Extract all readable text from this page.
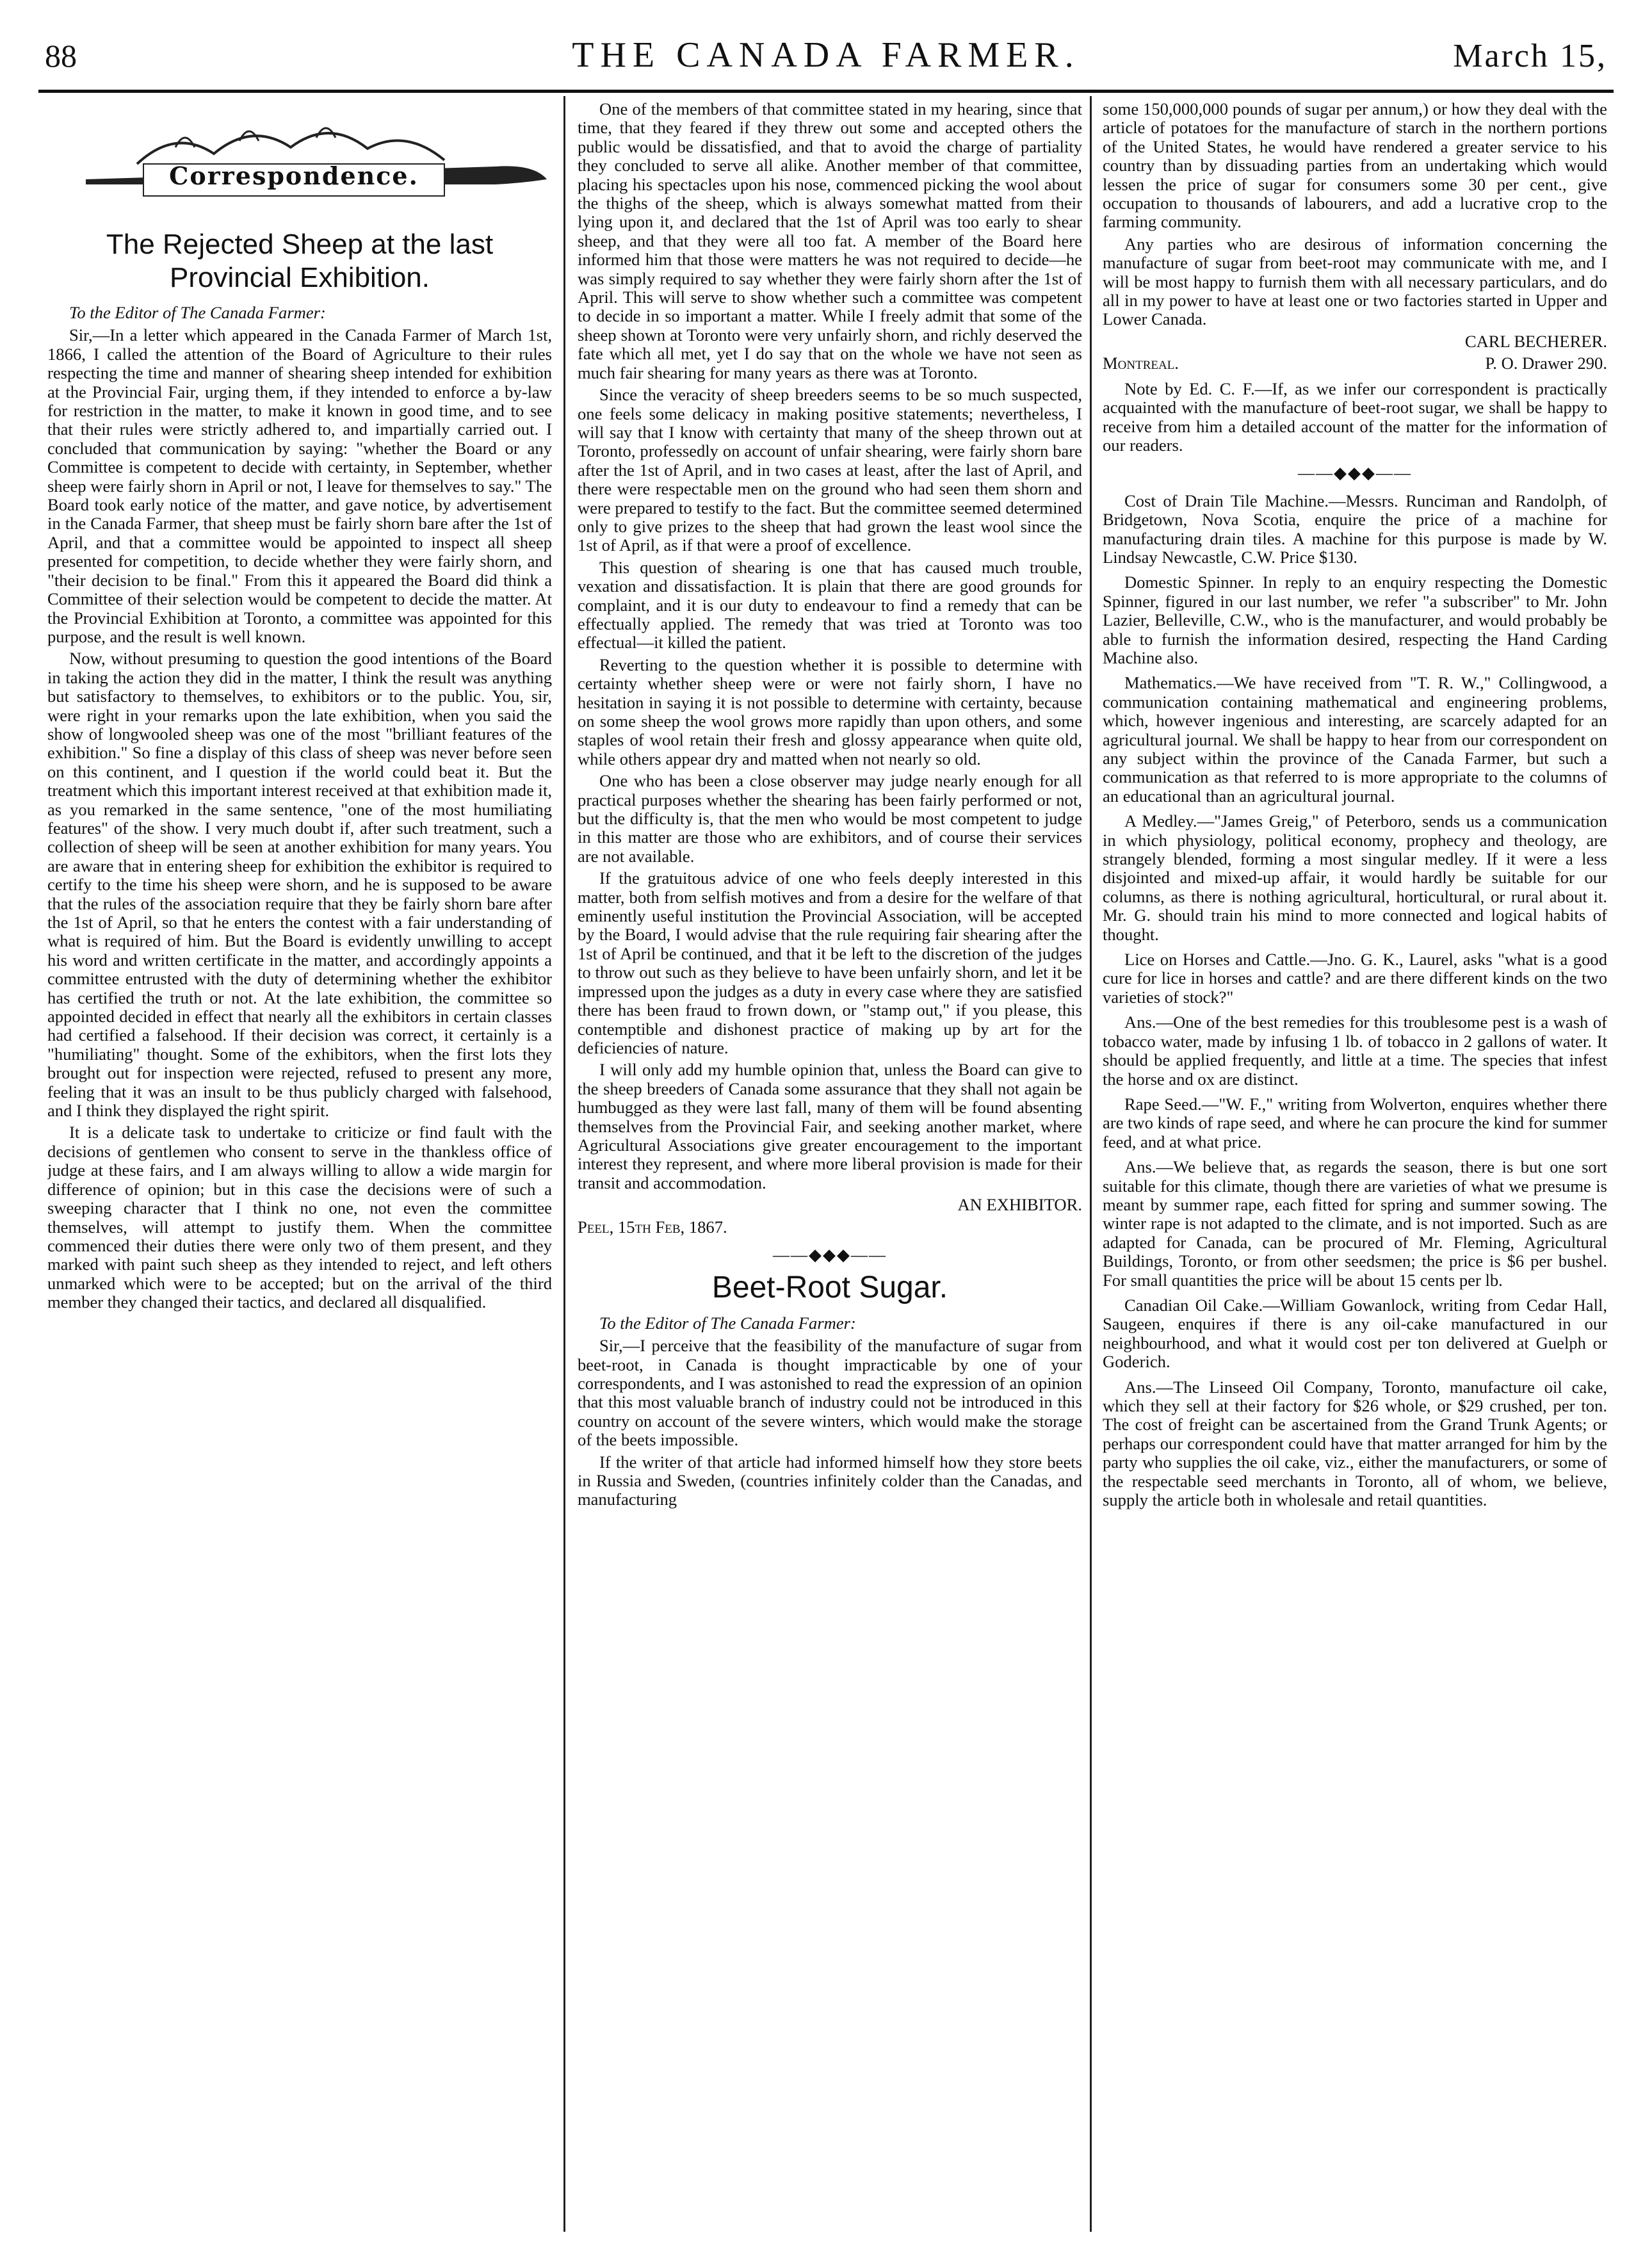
88	THE CANADA FARMER.	March 15,
Correspondence.
The Rejected Sheep at the last Provincial Exhibition.

To the Editor of The Canada Farmer:

Sir,—In a letter which appeared in the Canada Farmer of March 1st, 1866, I called the attention of the Board of Agriculture to their rules respecting the time and manner of shearing sheep intended for exhibition at the Provincial Fair, urging them, if they intended to enforce a by-law for restriction in the matter, to make it known in good time, and to see that their rules were strictly adhered to, and impartially carried out. I concluded that communication by saying: "whether the Board or any Committee is competent to decide with certainty, in September, whether sheep were fairly shorn in April or not, I leave for themselves to say." The Board took early notice of the matter, and gave notice, by advertisement in the Canada Farmer, that sheep must be fairly shorn bare after the 1st of April, and that a committee would be appointed to inspect all sheep presented for competition, to decide whether they were fairly shorn, and "their decision to be final." From this it appeared the Board did think a Committee of their selection would be competent to decide the matter. At the Provincial Exhibition at Toronto, a committee was appointed for this purpose, and the result is well known.

Now, without presuming to question the good intentions of the Board in taking the action they did in the matter, I think the result was anything but satisfactory to themselves, to exhibitors or to the public. You, sir, were right in your remarks upon the late exhibition, when you said the show of longwooled sheep was one of the most "brilliant features of the exhibition." So fine a display of this class of sheep was never before seen on this continent, and I question if the world could beat it. But the treatment which this important interest received at that exhibition made it, as you remarked in the same sentence, "one of the most humiliating features" of the show. I very much doubt if, after such treatment, such a collection of sheep will be seen at another exhibition for many years. You are aware that in entering sheep for exhibition the exhibitor is required to certify to the time his sheep were shorn, and he is supposed to be aware that the rules of the association require that they be fairly shorn bare after the 1st of April, so that he enters the contest with a fair understanding of what is required of him. But the Board is evidently unwilling to accept his word and written certificate in the matter, and accordingly appoints a committee entrusted with the duty of determining whether the exhibitor has certified the truth or not. At the late exhibition, the committee so appointed decided in effect that nearly all the exhibitors in certain classes had certified a falsehood. If their decision was correct, it certainly is a "humiliating" thought. Some of the exhibitors, when the first lots they brought out for inspection were rejected, refused to present any more, feeling that it was an insult to be thus publicly charged with falsehood, and I think they displayed the right spirit.

It is a delicate task to undertake to criticize or find fault with the decisions of gentlemen who consent to serve in the thankless office of judge at these fairs, and I am always willing to allow a wide margin for difference of opinion; but in this case the decisions were of such a sweeping character that I think no one, not even the committee themselves, will attempt to justify them. When the committee commenced their duties there were only two of them present, and they marked with paint such sheep as they intended to reject, and left others unmarked which were to be accepted; but on the arrival of the third member they changed their tactics, and declared all disqualified.

One of the members of that committee stated in my hearing, since that time, that they feared if they threw out some and accepted others the public would be dissatisfied, and that to avoid the charge of partiality they concluded to serve all alike. Another member of that committee, placing his spectacles upon his nose, commenced picking the wool about the thighs of the sheep, which is always somewhat matted from their lying upon it, and declared that the 1st of April was too early to shear sheep, and that they were all too fat. A member of the Board here informed him that those were matters he was not required to decide—he was simply required to say whether they were fairly shorn after the 1st of April. This will serve to show whether such a committee was competent to decide in so important a matter. While I freely admit that some of the sheep shown at Toronto were very unfairly shorn, and richly deserved the fate which all met, yet I do say that on the whole we have not seen as much fair shearing for many years as there was at Toronto.

Since the veracity of sheep breeders seems to be so much suspected, one feels some delicacy in making positive statements; nevertheless, I will say that I know with certainty that many of the sheep thrown out at Toronto, professedly on account of unfair shearing, were fairly shorn bare after the 1st of April, and in two cases at least, after the last of April, and there were respectable men on the ground who had seen them shorn and were prepared to testify to the fact. But the committee seemed determined only to give prizes to the sheep that had grown the least wool since the 1st of April, as if that were a proof of excellence.

This question of shearing is one that has caused much trouble, vexation and dissatisfaction. It is plain that there are good grounds for complaint, and it is our duty to endeavour to find a remedy that can be effectually applied. The remedy that was tried at Toronto was too effectual—it killed the patient.

Reverting to the question whether it is possible to determine with certainty whether sheep were or were not fairly shorn, I have no hesitation in saying it is not possible to determine with certainty, because on some sheep the wool grows more rapidly than upon others, and some staples of wool retain their fresh and glossy appearance when quite old, while others appear dry and matted when not nearly so old.

One who has been a close observer may judge nearly enough for all practical purposes whether the shearing has been fairly performed or not, but the difficulty is, that the men who would be most competent to judge in this matter are those who are exhibitors, and of course their services are not available.

If the gratuitous advice of one who feels deeply interested in this matter, both from selfish motives and from a desire for the welfare of that eminently useful institution the Provincial Association, will be accepted by the Board, I would advise that the rule requiring fair shearing after the 1st of April be continued, and that it be left to the discretion of the judges to throw out such as they believe to have been unfairly shorn, and let it be impressed upon the judges as a duty in every case where they are satisfied there has been fraud to frown down, or "stamp out," if you please, this contemptible and dishonest practice of making up by art for the deficiencies of nature.

I will only add my humble opinion that, unless the Board can give to the sheep breeders of Canada some assurance that they shall not again be humbugged as they were last fall, many of them will be found absenting themselves from the Provincial Fair, and seeking another market, where Agricultural Associations give greater encouragement to the important interest they represent, and where more liberal provision is made for their transit and accommodation.

AN EXHIBITOR.

Peel, 15th Feb, 1867.

——◆◆◆——
Beet-Root Sugar.

To the Editor of The Canada Farmer:

Sir,—I perceive that the feasibility of the manufacture of sugar from beet-root, in Canada is thought impracticable by one of your correspondents, and I was astonished to read the expression of an opinion that this most valuable branch of industry could not be introduced in this country on account of the severe winters, which would make the storage of the beets impossible.

If the writer of that article had informed himself how they store beets in Russia and Sweden, (countries infinitely colder than the Canadas, and manufacturing

some 150,000,000 pounds of sugar per annum,) or how they deal with the article of potatoes for the manufacture of starch in the northern portions of the United States, he would have rendered a greater service to his country than by dissuading parties from an undertaking which would lessen the price of sugar for consumers some 30 per cent., give occupation to thousands of labourers, and add a lucrative crop to the farming community.

Any parties who are desirous of information concerning the manufacture of sugar from beet-root may communicate with me, and I will be most happy to furnish them with all necessary particulars, and do all in my power to have at least one or two factories started in Upper and Lower Canada.

CARL BECHERER.

Montreal.	P. O. Drawer 290.

Note by Ed. C. F.—If, as we infer our correspondent is practically acquainted with the manufacture of beet-root sugar, we shall be happy to receive from him a detailed account of the matter for the information of our readers.

——◆◆◆——

Cost of Drain Tile Machine.—Messrs. Runciman and Randolph, of Bridgetown, Nova Scotia, enquire the price of a machine for manufacturing drain tiles. A machine for this purpose is made by W. Lindsay Newcastle, C.W. Price $130.

Domestic Spinner. In reply to an enquiry respecting the Domestic Spinner, figured in our last number, we refer "a subscriber" to Mr. John Lazier, Belleville, C.W., who is the manufacturer, and would probably be able to furnish the information desired, respecting the Hand Carding Machine also.

Mathematics.—We have received from "T. R. W.," Collingwood, a communication containing mathematical and engineering problems, which, however ingenious and interesting, are scarcely adapted for an agricultural journal. We shall be happy to hear from our correspondent on any subject within the province of the Canada Farmer, but such a communication as that referred to is more appropriate to the columns of an educational than an agricultural journal.

A Medley.—"James Greig," of Peterboro, sends us a communication in which physiology, political economy, prophecy and theology, are strangely blended, forming a most singular medley. If it were a less disjointed and mixed-up affair, it would hardly be suitable for our columns, as there is nothing agricultural, horticultural, or rural about it. Mr. G. should train his mind to more connected and logical habits of thought.

Lice on Horses and Cattle.—Jno. G. K., Laurel, asks "what is a good cure for lice in horses and cattle? and are there different kinds on the two varieties of stock?"

Ans.—One of the best remedies for this troublesome pest is a wash of tobacco water, made by infusing 1 lb. of tobacco in 2 gallons of water. It should be applied frequently, and little at a time. The species that infest the horse and ox are distinct.

Rape Seed.—"W. F.," writing from Wolverton, enquires whether there are two kinds of rape seed, and where he can procure the kind for summer feed, and at what price.

Ans.—We believe that, as regards the season, there is but one sort suitable for this climate, though there are varieties of what we presume is meant by summer rape, each fitted for spring and summer sowing. The winter rape is not adapted to the climate, and is not imported. Such as are adapted for Canada, can be procured of Mr. Fleming, Agricultural Buildings, Toronto, or from other seedsmen; the price is $6 per bushel. For small quantities the price will be about 15 cents per lb.

Canadian Oil Cake.—William Gowanlock, writing from Cedar Hall, Saugeen, enquires if there is any oil-cake manufactured in our neighbourhood, and what it would cost per ton delivered at Guelph or Goderich.

Ans.—The Linseed Oil Company, Toronto, manufacture oil cake, which they sell at their factory for $26 whole, or $29 crushed, per ton. The cost of freight can be ascertained from the Grand Trunk Agents; or perhaps our correspondent could have that matter arranged for him by the party who supplies the oil cake, viz., either the manufacturers, or some of the respectable seed merchants in Toronto, all of whom, we believe, supply the article both in wholesale and retail quantities.
